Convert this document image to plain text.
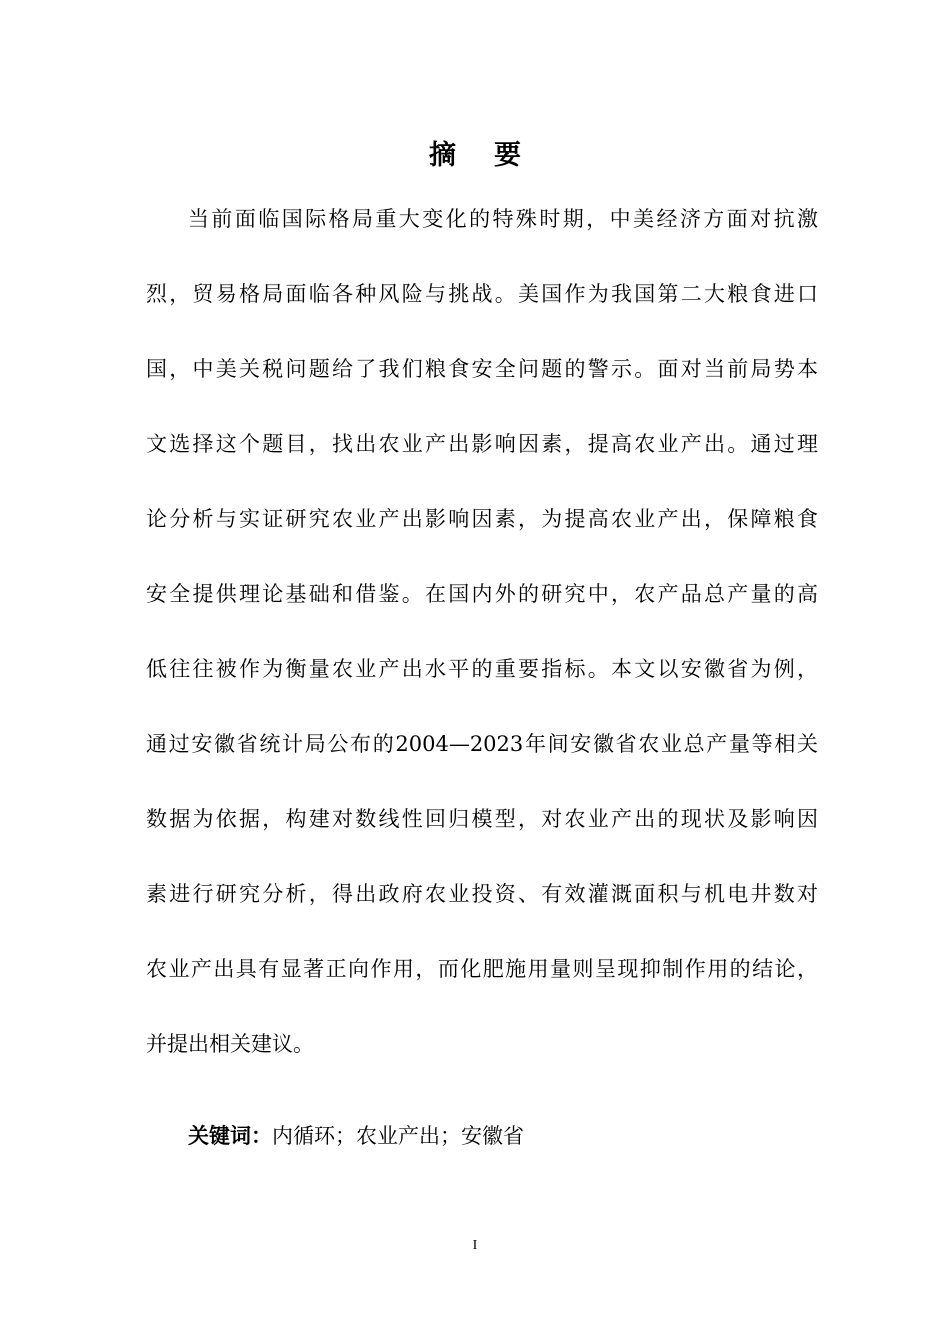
摘要
当前面临国际格局重大变化的特殊时期，中美经济方面对抗激
烈，贸易格局面临各种风险与挑战。美国作为我国第二大粮食进口
国，中美关税问题给了我们粮食安全问题的警示。面对当前局势本
文选择这个题目，找出农业产出影响因素，提高农业产出。通过理
论分析与实证研究农业产出影响因素，为提高农业产出，保障粮食
安全提供理论基础和借鉴。在国内外的研究中，农产品总产量的高
低往往被作为衡量农业产出水平的重要指标。本文以安徽省为例，
通过安徽省统计局公布的2004—2023年间安徽省农业总产量等相关
数据为依据，构建对数线性回归模型，对农业产出的现状及影响因
素进行研究分析，得出政府农业投资、有效灌溉面积与机电井数对
农业产出具有显著正向作用，而化肥施用量则呈现抑制作用的结论，
并提出相关建议。
关键词：内循环；农业产出；安徽省
I
